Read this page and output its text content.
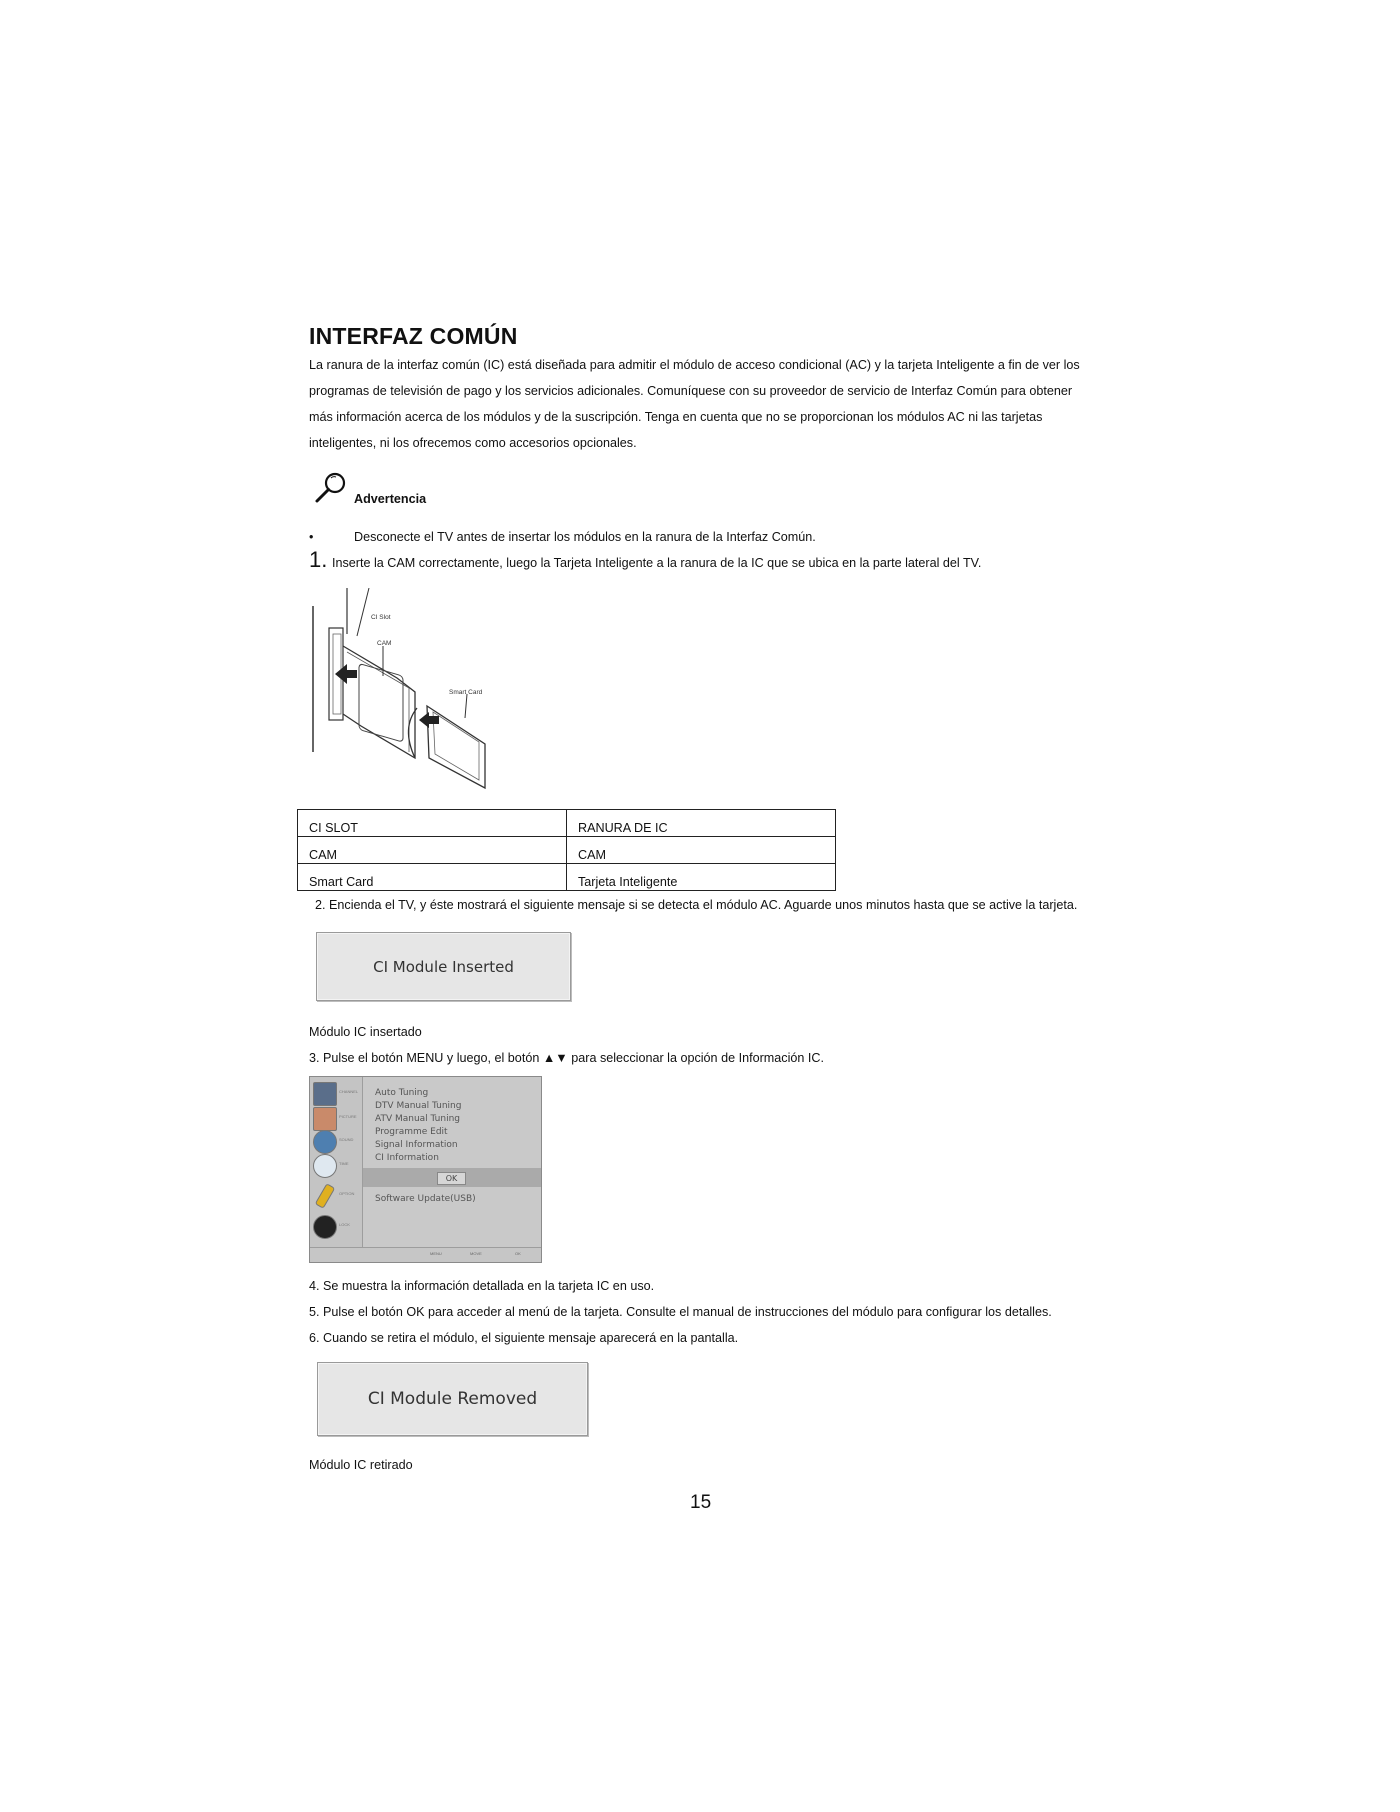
INTERFAZ COMÚN
La ranura de la interfaz común (IC) está diseñada para admitir el módulo de acceso condicional (AC) y la tarjeta Inteligente a fin de ver los
programas de televisión de pago y los servicios adicionales. Comuníquese con su proveedor de servicio de Interfaz Común para obtener
más información acerca de los módulos y de la suscripción. Tenga en cuenta que no se proporcionan los módulos AC ni las tarjetas
inteligentes, ni los ofrecemos como accesorios opcionales.
Advertencia
•	Desconecte el TV antes de insertar los módulos en la ranura de la Interfaz Común.
1. Inserte la CAM correctamente, luego la Tarjeta Inteligente a la ranura de la IC que se ubica en la parte lateral del TV.
CI Slot
CAM
Smart Card
CI SLOT	RANURA DE IC
CAM	CAM
Smart Card	Tarjeta Inteligente
2. Encienda el TV, y éste mostrará el siguiente mensaje si se detecta el módulo AC. Aguarde unos minutos hasta que se active la tarjeta.
CI Module Inserted
Módulo IC insertado
3. Pulse el botón MENU y luego, el botón ▲▼ para seleccionar la opción de Información IC.
CHANNEL
PICTURE
SOUND
TIME
OPTION
LOCK
Auto Tuning
DTV Manual Tuning
ATV Manual Tuning
Programme Edit
Signal Information
CI Information
OK
Software Update(USB)
MENU	MOVE	OK
4. Se muestra la información detallada en la tarjeta IC en uso.
5. Pulse el botón OK para acceder al menú de la tarjeta. Consulte el manual de instrucciones del módulo para configurar los detalles.
6. Cuando se retira el módulo, el siguiente mensaje aparecerá en la pantalla.
CI Module Removed
Módulo IC retirado
15
